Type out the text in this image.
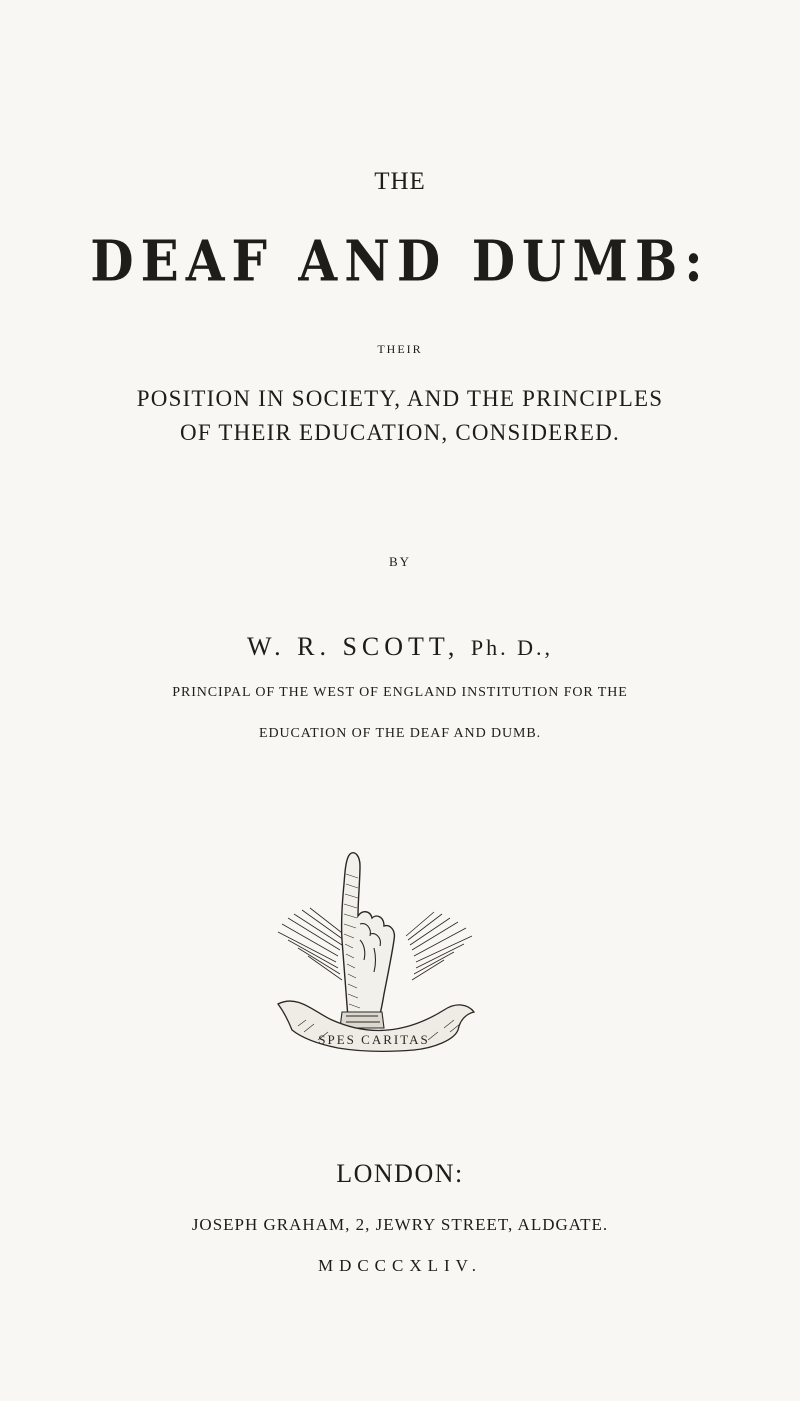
THE
DEAF AND DUMB:
THEIR
POSITION IN SOCIETY, AND THE PRINCIPLES
OF THEIR EDUCATION, CONSIDERED.
BY
W. R. SCOTT, Ph. D.,
PRINCIPAL OF THE WEST OF ENGLAND INSTITUTION FOR THE
EDUCATION OF THE DEAF AND DUMB.
SPES CARITAS
LONDON:
JOSEPH GRAHAM, 2, JEWRY STREET, ALDGATE.
MDCCCXLIV.
